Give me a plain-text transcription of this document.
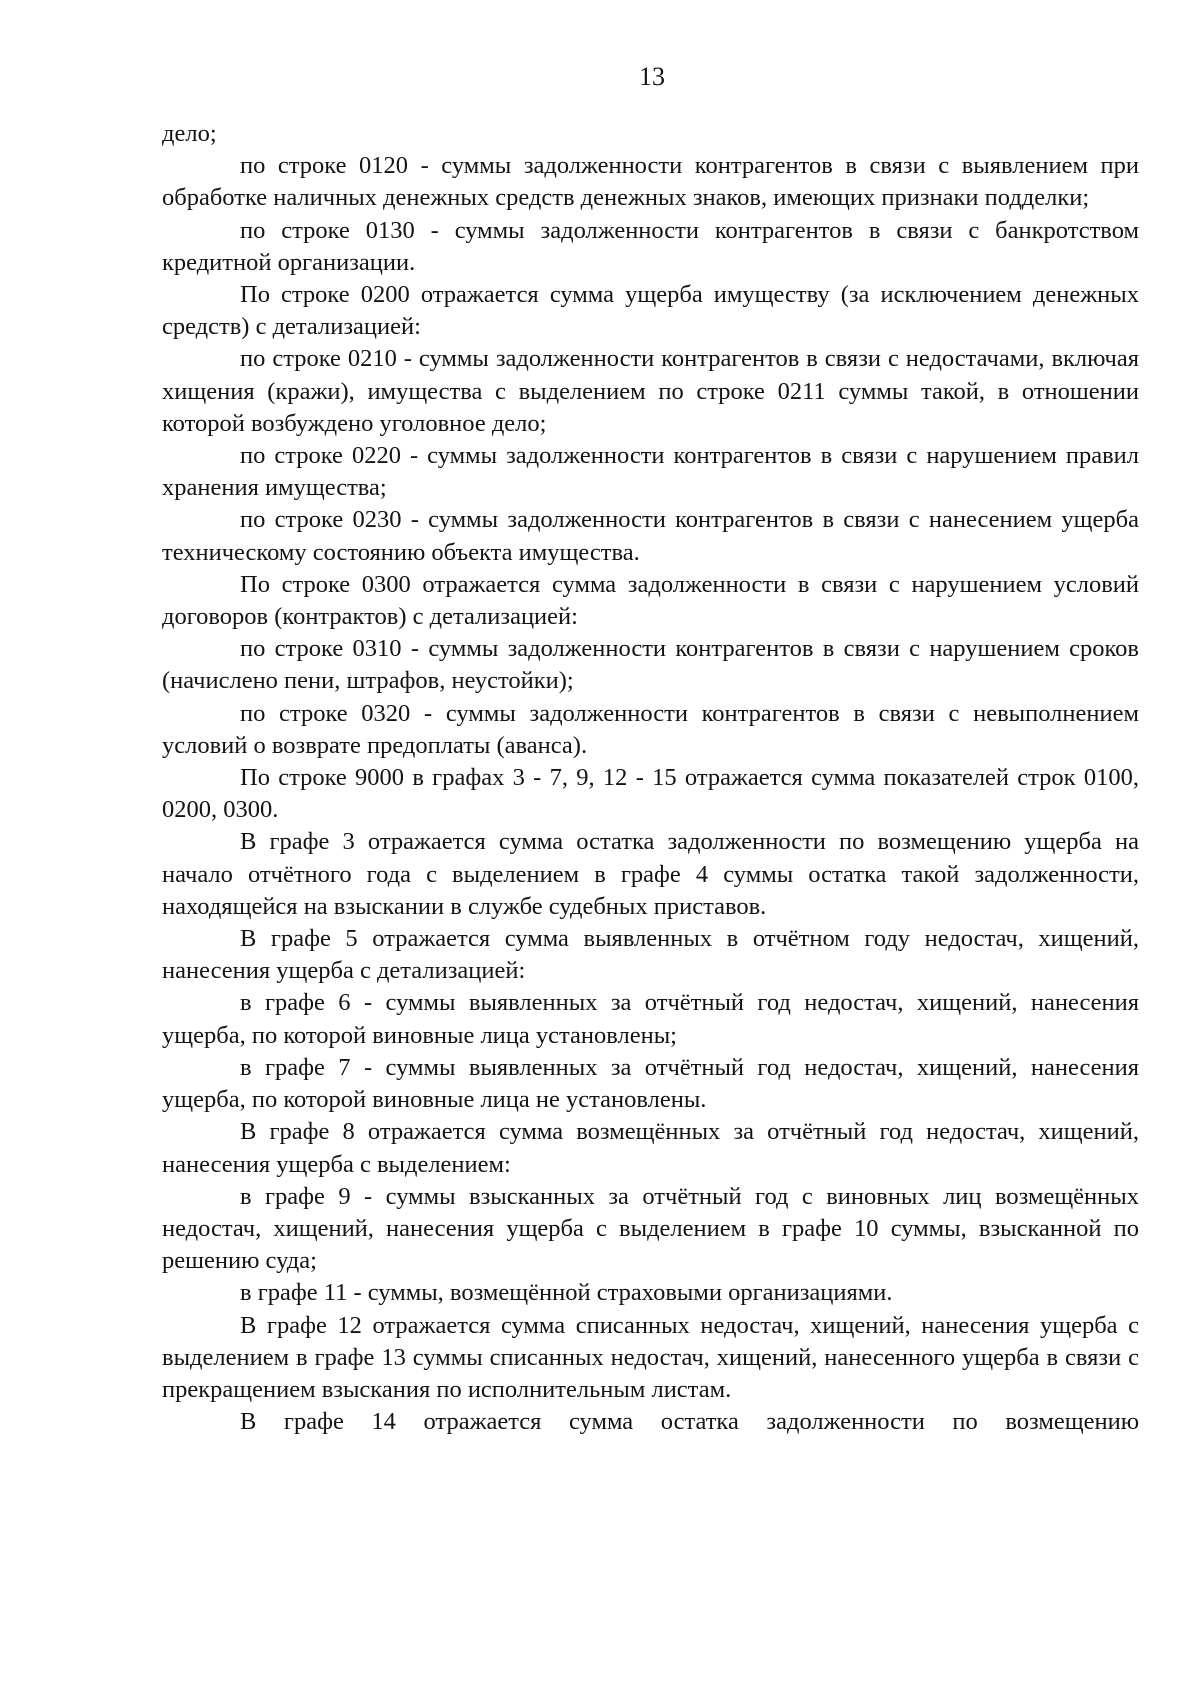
13

дело;

по строке 0120 - суммы задолженности контрагентов в связи с выявлением при обработке наличных денежных средств денежных знаков, имеющих признаки подделки;

по строке 0130 - суммы задолженности контрагентов в связи с банкротством кредитной организации.

По строке 0200 отражается сумма ущерба имуществу (за исключением денежных средств) с детализацией:

по строке 0210 - суммы задолженности контрагентов в связи с недостачами, включая хищения (кражи), имущества с выделением по строке 0211 суммы такой, в отношении которой возбуждено уголовное дело;

по строке 0220 - суммы задолженности контрагентов в связи с нарушением правил хранения имущества;

по строке 0230 - суммы задолженности контрагентов в связи с нанесением ущерба техническому состоянию объекта имущества.

По строке 0300 отражается сумма задолженности в связи с нарушением условий договоров (контрактов) с детализацией:

по строке 0310 - суммы задолженности контрагентов в связи с нарушением сроков (начислено пени, штрафов, неустойки);

по строке 0320 - суммы задолженности контрагентов в связи с невыполнением условий о возврате предоплаты (аванса).

По строке 9000 в графах 3 - 7, 9, 12 - 15 отражается сумма показателей строк 0100, 0200, 0300.

В графе 3 отражается сумма остатка задолженности по возмещению ущерба на начало отчётного года с выделением в графе 4 суммы остатка такой задолженности, находящейся на взыскании в службе судебных приставов.

В графе 5 отражается сумма выявленных в отчётном году недостач, хищений, нанесения ущерба с детализацией:

в графе 6 - суммы выявленных за отчётный год недостач, хищений, нанесения ущерба, по которой виновные лица установлены;

в графе 7 - суммы выявленных за отчётный год недостач, хищений, нанесения ущерба, по которой виновные лица не установлены.

В графе 8 отражается сумма возмещённых за отчётный год недостач, хищений, нанесения ущерба с выделением:

в графе 9 - суммы взысканных за отчётный год с виновных лиц возмещённых недостач, хищений, нанесения ущерба с выделением в графе 10 суммы, взысканной по решению суда;

в графе 11 - суммы, возмещённой страховыми организациями.

В графе 12 отражается сумма списанных недостач, хищений, нанесения ущерба с выделением в графе 13 суммы списанных недостач, хищений, нанесенного ущерба в связи с прекращением взыскания по исполнительным листам.

В графе 14 отражается сумма остатка задолженности по возмещению
